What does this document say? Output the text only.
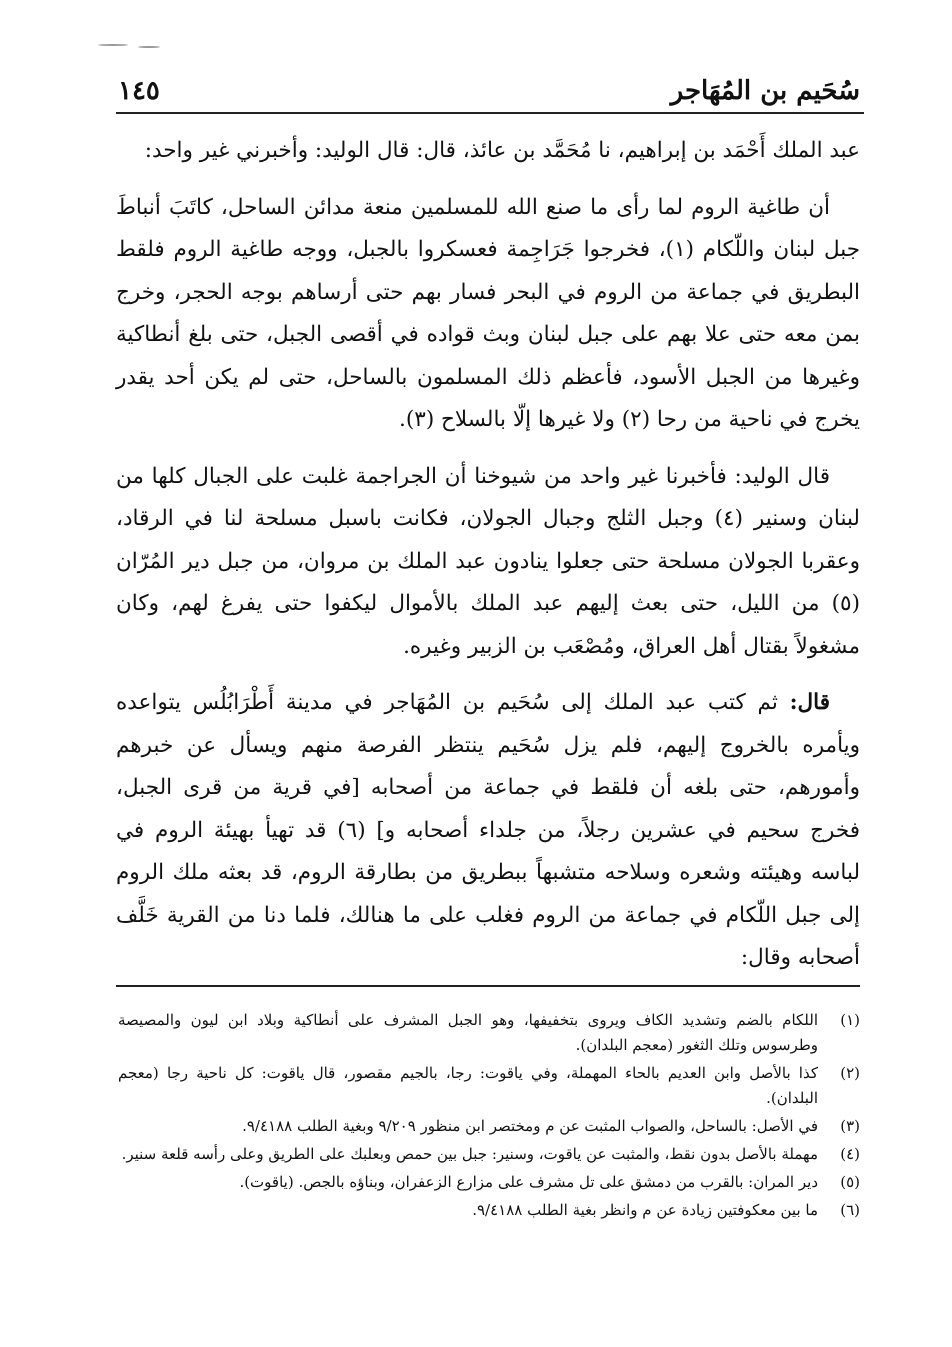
سُحَيم بن المُهَاجر
١٤٥

عبد الملك أَحْمَد بن إبراهيم، نا مُحَمَّد بن عائذ، قال: قال الوليد: وأخبرني غير واحد:

أن طاغية الروم لما رأى ما صنع الله للمسلمين منعة مدائن الساحل، كاتَبَ أنباطَ جبل لبنان واللّكام (١)، فخرجوا جَرَاجِمة فعسكروا بالجبل، ووجه طاغية الروم فلقط البطريق في جماعة من الروم في البحر فسار بهم حتى أرساهم بوجه الحجر، وخرج بمن معه حتى علا بهم على جبل لبنان وبث قواده في أقصى الجبل، حتى بلغ أنطاكية وغيرها من الجبل الأسود، فأعظم ذلك المسلمون بالساحل، حتى لم يكن أحد يقدر يخرج في ناحية من رحا (٢) ولا غيرها إلّا بالسلاح (٣).

قال الوليد: فأخبرنا غير واحد من شيوخنا أن الجراجمة غلبت على الجبال كلها من لبنان وسنير (٤) وجبل الثلج وجبال الجولان، فكانت باسبل مسلحة لنا في الرقاد، وعقربا الجولان مسلحة حتى جعلوا ينادون عبد الملك بن مروان، من جبل دير المُرّان (٥) من الليل، حتى بعث إليهم عبد الملك بالأموال ليكفوا حتى يفرغ لهم، وكان مشغولاً بقتال أهل العراق، ومُصْعَب بن الزبير وغيره.

قال: ثم كتب عبد الملك إلى سُحَيم بن المُهَاجر في مدينة أَطْرَابُلُس يتواعده ويأمره بالخروج إليهم، فلم يزل سُحَيم ينتظر الفرصة منهم ويسأل عن خبرهم وأمورهم، حتى بلغه أن فلقط في جماعة من أصحابه [في قرية من قرى الجبل، فخرج سحيم في عشرين رجلاً، من جلداء أصحابه و] (٦) قد تهيأ بهيئة الروم في لباسه وهيئته وشعره وسلاحه متشبهاً ببطريق من بطارقة الروم، قد بعثه ملك الروم إلى جبل اللّكام في جماعة من الروم فغلب على ما هنالك، فلما دنا من القرية خَلَّف أصحابه وقال:

(١)
اللكام بالضم وتشديد الكاف ويروى بتخفيفها، وهو الجبل المشرف على أنطاكية وبلاد ابن ليون والمصيصة وطرسوس وتلك الثغور (معجم البلدان).
(٢)
كذا بالأصل وابن العديم بالحاء المهملة، وفي ياقوت: رجا، بالجيم مقصور، قال ياقوت: كل ناحية رجا (معجم البلدان).
(٣)
في الأصل: بالساحل، والصواب المثبت عن م ومختصر ابن منظور ٩/٢٠٩ وبغية الطلب ٩/٤١٨٨.
(٤)
مهملة بالأصل بدون نقط، والمثبت عن ياقوت، وسنير: جبل بين حمص وبعلبك على الطريق وعلى رأسه قلعة سنير.
(٥)
دير المران: بالقرب من دمشق على تل مشرف على مزارع الزعفران، وبناؤه بالجص. (ياقوت).
(٦)
ما بين معكوفتين زيادة عن م وانظر بغية الطلب ٩/٤١٨٨.
